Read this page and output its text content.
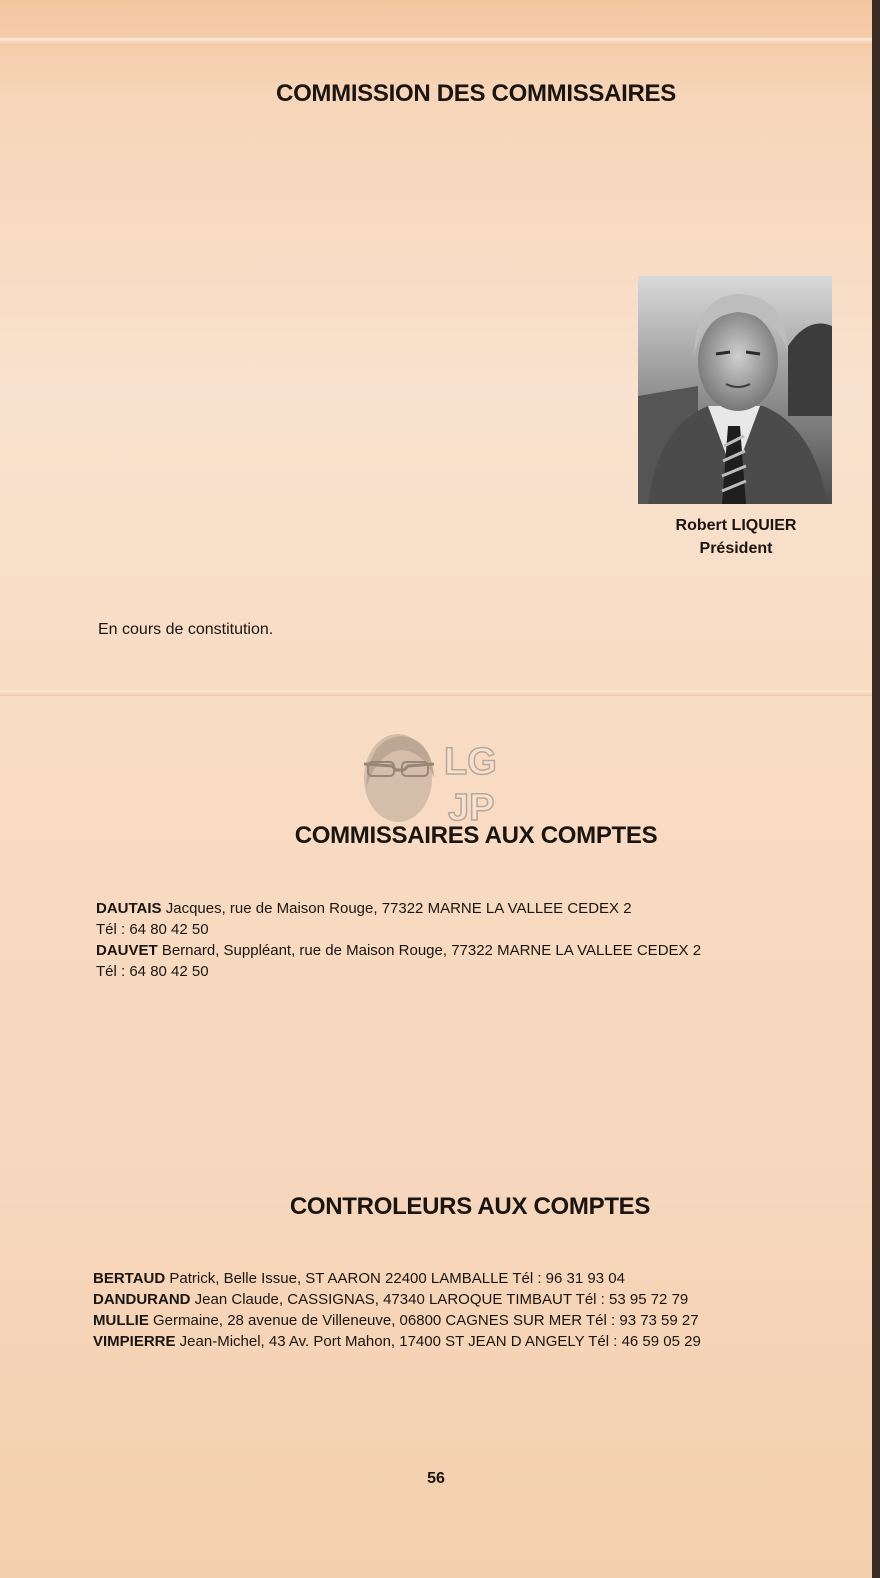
COMMISSION DES COMMISSAIRES
Robert LIQUIER
Président
En cours de constitution.
LG
JP
COMMISSAIRES AUX COMPTES

DAUTAIS Jacques, rue de Maison Rouge, 77322 MARNE LA VALLEE CEDEX 2

Tél : 64 80 42 50

DAUVET Bernard, Suppléant, rue de Maison Rouge, 77322 MARNE LA VALLEE CEDEX 2

Tél : 64 80 42 50

CONTROLEURS AUX COMPTES

BERTAUD Patrick, Belle Issue, ST AARON 22400 LAMBALLE Tél : 96 31 93 04

DANDURAND Jean Claude, CASSIGNAS, 47340 LAROQUE TIMBAUT Tél : 53 95 72 79

MULLIE Germaine, 28 avenue de Villeneuve, 06800 CAGNES SUR MER Tél : 93 73 59 27

VIMPIERRE Jean-Michel, 43 Av. Port Mahon, 17400 ST JEAN D ANGELY Tél : 46 59 05 29

56
